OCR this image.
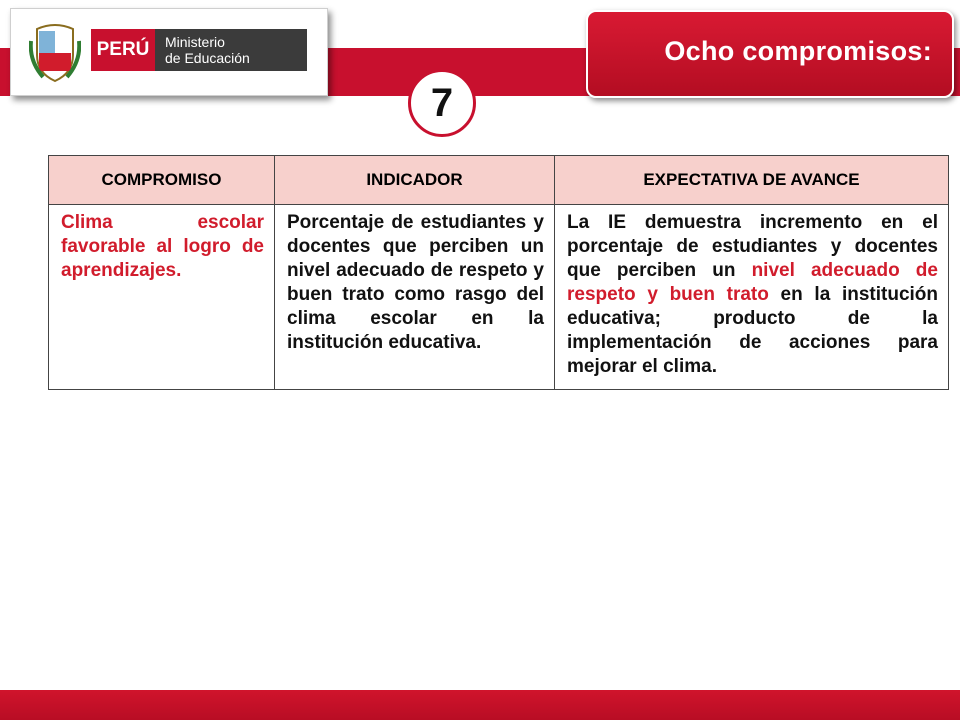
PERÚ	Ministerio
de Educación	Ocho compromisos:
7
COMPROMISO	INDICADOR	EXPECTATIVA DE AVANCE
Clima escolar favorable al logro de aprendizajes.	Porcentaje de estudiantes y docentes que perciben un nivel adecuado de respeto y buen trato como rasgo del clima escolar en la institución educativa.	La IE demuestra incremento en el porcentaje de estudiantes y docentes que perciben un nivel adecuado de respeto y buen trato en la institución educativa; producto de la implementación de acciones para mejorar el clima.
